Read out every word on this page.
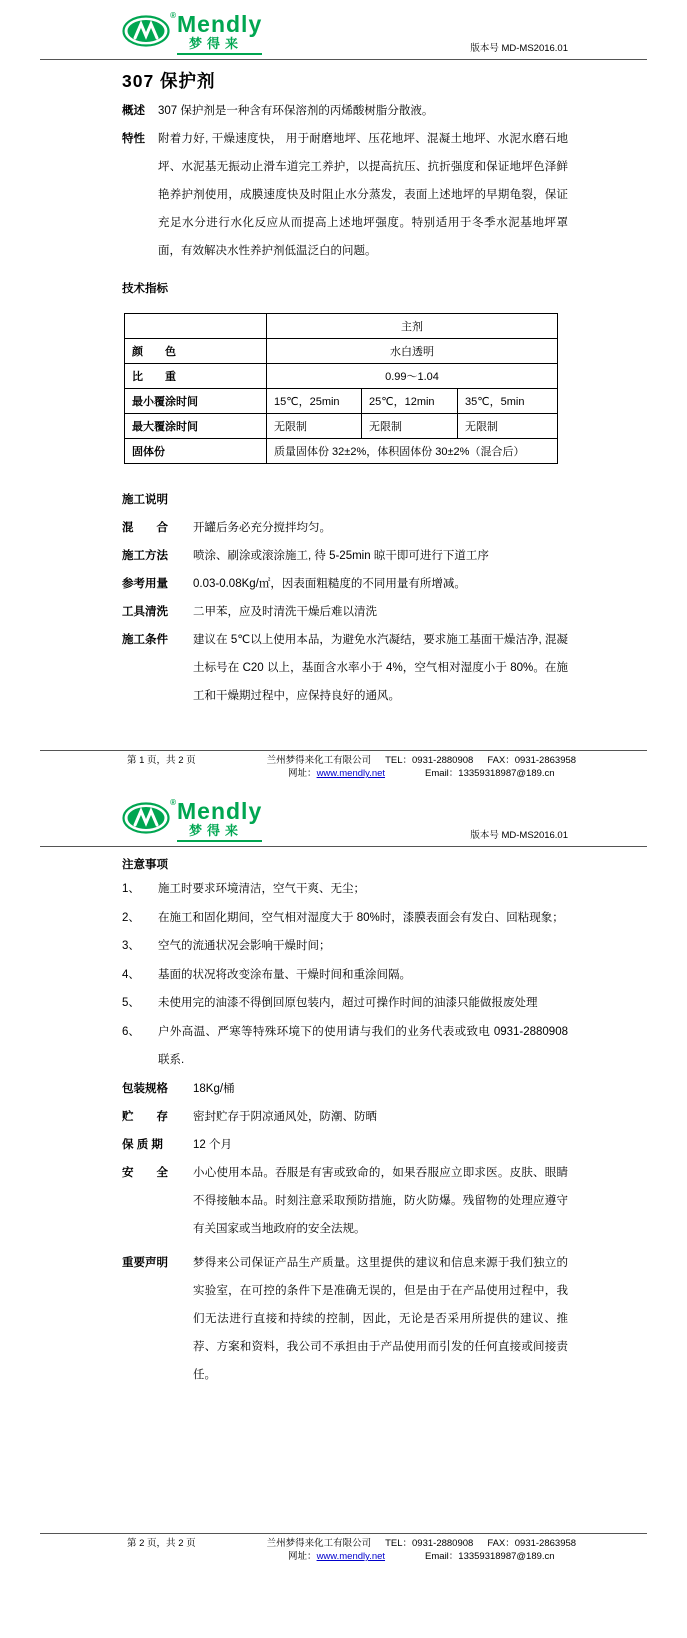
® Mendly
梦得来	版本号 MD-MS2016.01
307 保护剂
概述	307 保护剂是一种含有环保溶剂的丙烯酸树脂分散液。
特性	附着力好, 干燥速度快， 用于耐磨地坪、压花地坪、混凝土地坪、水泥水磨石地坪、水泥基无振动止滑车道完工养护，以提高抗压、抗折强度和保证地坪色泽鲜艳养护剂使用，成膜速度快及时阻止水分蒸发，表面上述地坪的早期龟裂，保证充足水分进行水化反应从而提高上述地坪强度。特别适用于冬季水泥基地坪罩面，有效解决水性养护剂低温泛白的问题。
技术指标
	主剂		
颜　　色	水白透明		
比　　重	0.99～1.04		
最小覆涂时间	15℃，25min	25℃，12min	35℃，5min
最大覆涂时间	无限制	无限制	无限制
固体份	质量固体份 32±2%，体积固体份 30±2%（混合后）		
施工说明
混　　合	开罐后务必充分搅拌均匀。
施工方法	喷涂、刷涂或滚涂施工, 待 5-25min 晾干即可进行下道工序
参考用量	0.03-0.08Kg/㎡，因表面粗糙度的不同用量有所增减。
工具清洗	二甲苯，应及时清洗干燥后难以清洗
施工条件	建议在 5℃以上使用本品，为避免水汽凝结，要求施工基面干燥洁净, 混凝土标号在 C20 以上，基面含水率小于 4%，空气相对湿度小于 80%。在施工和干燥期过程中，应保持良好的通风。
第 1 页，共 2 页	兰州梦得来化工有限公司 TEL：0931-2880908 FAX：0931-2863958
网址：www.mendly.net	Email：13359318987@189.cn
® Mendly
梦得来	版本号 MD-MS2016.01
注意事项
1、	施工时要求环境清洁，空气干爽、无尘；
2、	在施工和固化期间，空气相对湿度大于 80%时，漆膜表面会有发白、回粘现象；
3、	空气的流通状况会影响干燥时间；
4、	基面的状况将改变涂布量、干燥时间和重涂间隔。
5、	未使用完的油漆不得倒回原包装内，超过可操作时间的油漆只能做报废处理
6、	户外高温、严寒等特殊环境下的使用请与我们的业务代表或致电 0931-2880908 联系.
包装规格	18Kg/桶
贮　　存	密封贮存于阴凉通风处，防潮、防晒
保 质 期	12 个月
安　　全	小心使用本品。吞服是有害或致命的，如果吞服应立即求医。皮肤、眼睛不得接触本品。时刻注意采取预防措施，防火防爆。残留物的处理应遵守有关国家或当地政府的安全法规。
重要声明	梦得来公司保证产品生产质量。这里提供的建议和信息来源于我们独立的实验室，在可控的条件下是准确无误的，但是由于在产品使用过程中，我们无法进行直接和持续的控制，因此，无论是否采用所提供的建议、推荐、方案和资料，我公司不承担由于产品使用而引发的任何直接或间接责任。
第 2 页，共 2 页	兰州梦得来化工有限公司 TEL：0931-2880908 FAX：0931-2863958
网址：www.mendly.net	Email：13359318987@189.cn
